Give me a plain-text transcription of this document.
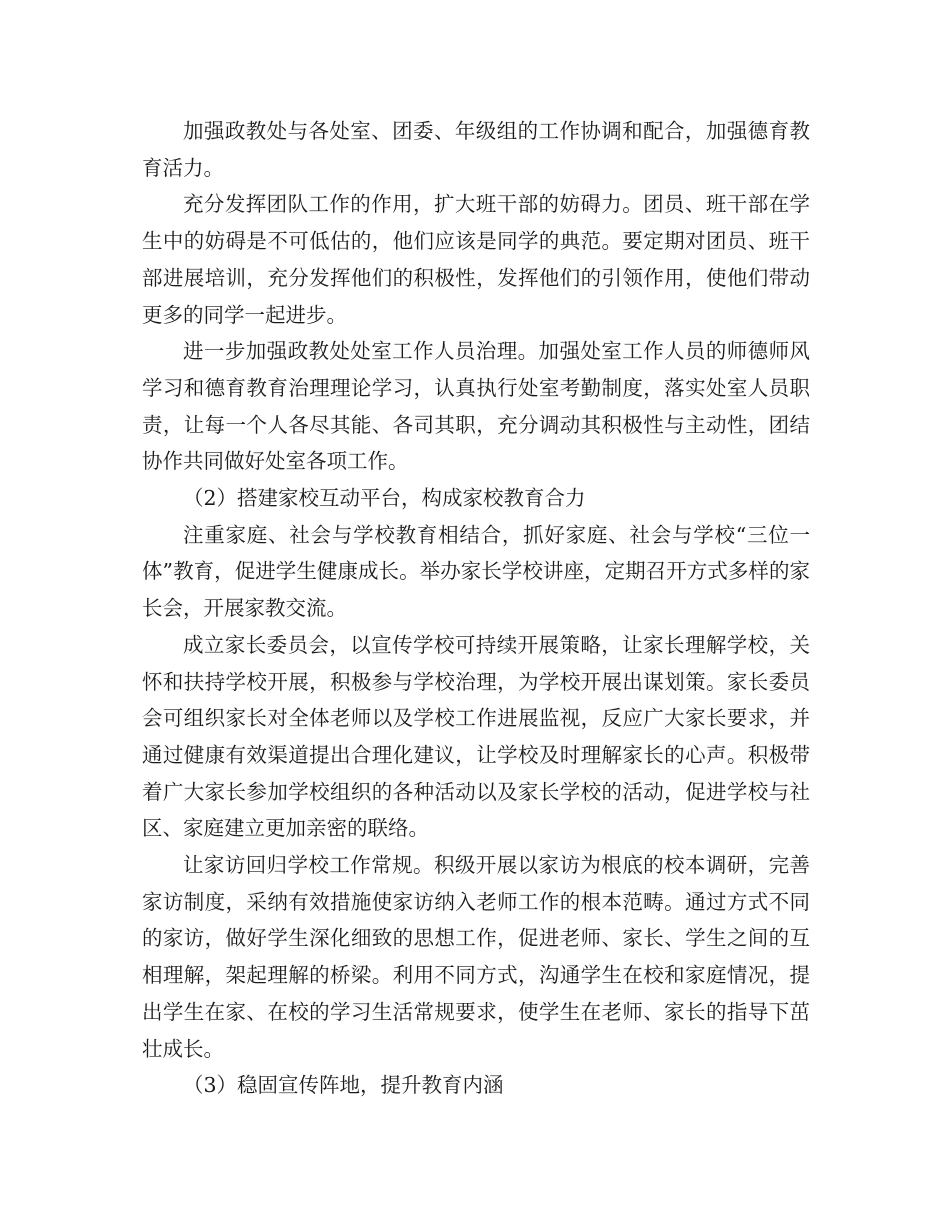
加强政教处与各处室、团委、年级组的工作协调和配合，加强德育教育活力。

充分发挥团队工作的作用，扩大班干部的妨碍力。团员、班干部在学生中的妨碍是不可低估的，他们应该是同学的典范。要定期对团员、班干部进展培训，充分发挥他们的积极性，发挥他们的引领作用，使他们带动更多的同学一起进步。

进一步加强政教处处室工作人员治理。加强处室工作人员的师德师风学习和德育教育治理理论学习，认真执行处室考勤制度，落实处室人员职责，让每一个人各尽其能、各司其职，充分调动其积极性与主动性，团结协作共同做好处室各项工作。

（2）搭建家校互动平台，构成家校教育合力

注重家庭、社会与学校教育相结合，抓好家庭、社会与学校“三位一体”教育，促进学生健康成长。举办家长学校讲座，定期召开方式多样的家长会，开展家教交流。

成立家长委员会，以宣传学校可持续开展策略，让家长理解学校，关怀和扶持学校开展，积极参与学校治理，为学校开展出谋划策。家长委员会可组织家长对全体老师以及学校工作进展监视，反应广大家长要求，并通过健康有效渠道提出合理化建议，让学校及时理解家长的心声。积极带着广大家长参加学校组织的各种活动以及家长学校的活动，促进学校与社区、家庭建立更加亲密的联络。

让家访回归学校工作常规。积级开展以家访为根底的校本调研，完善家访制度，采纳有效措施使家访纳入老师工作的根本范畴。通过方式不同的家访，做好学生深化细致的思想工作，促进老师、家长、学生之间的互相理解，架起理解的桥梁。利用不同方式，沟通学生在校和家庭情况，提出学生在家、在校的学习生活常规要求，使学生在老师、家长的指导下茁壮成长。

（3）稳固宣传阵地，提升教育内涵
